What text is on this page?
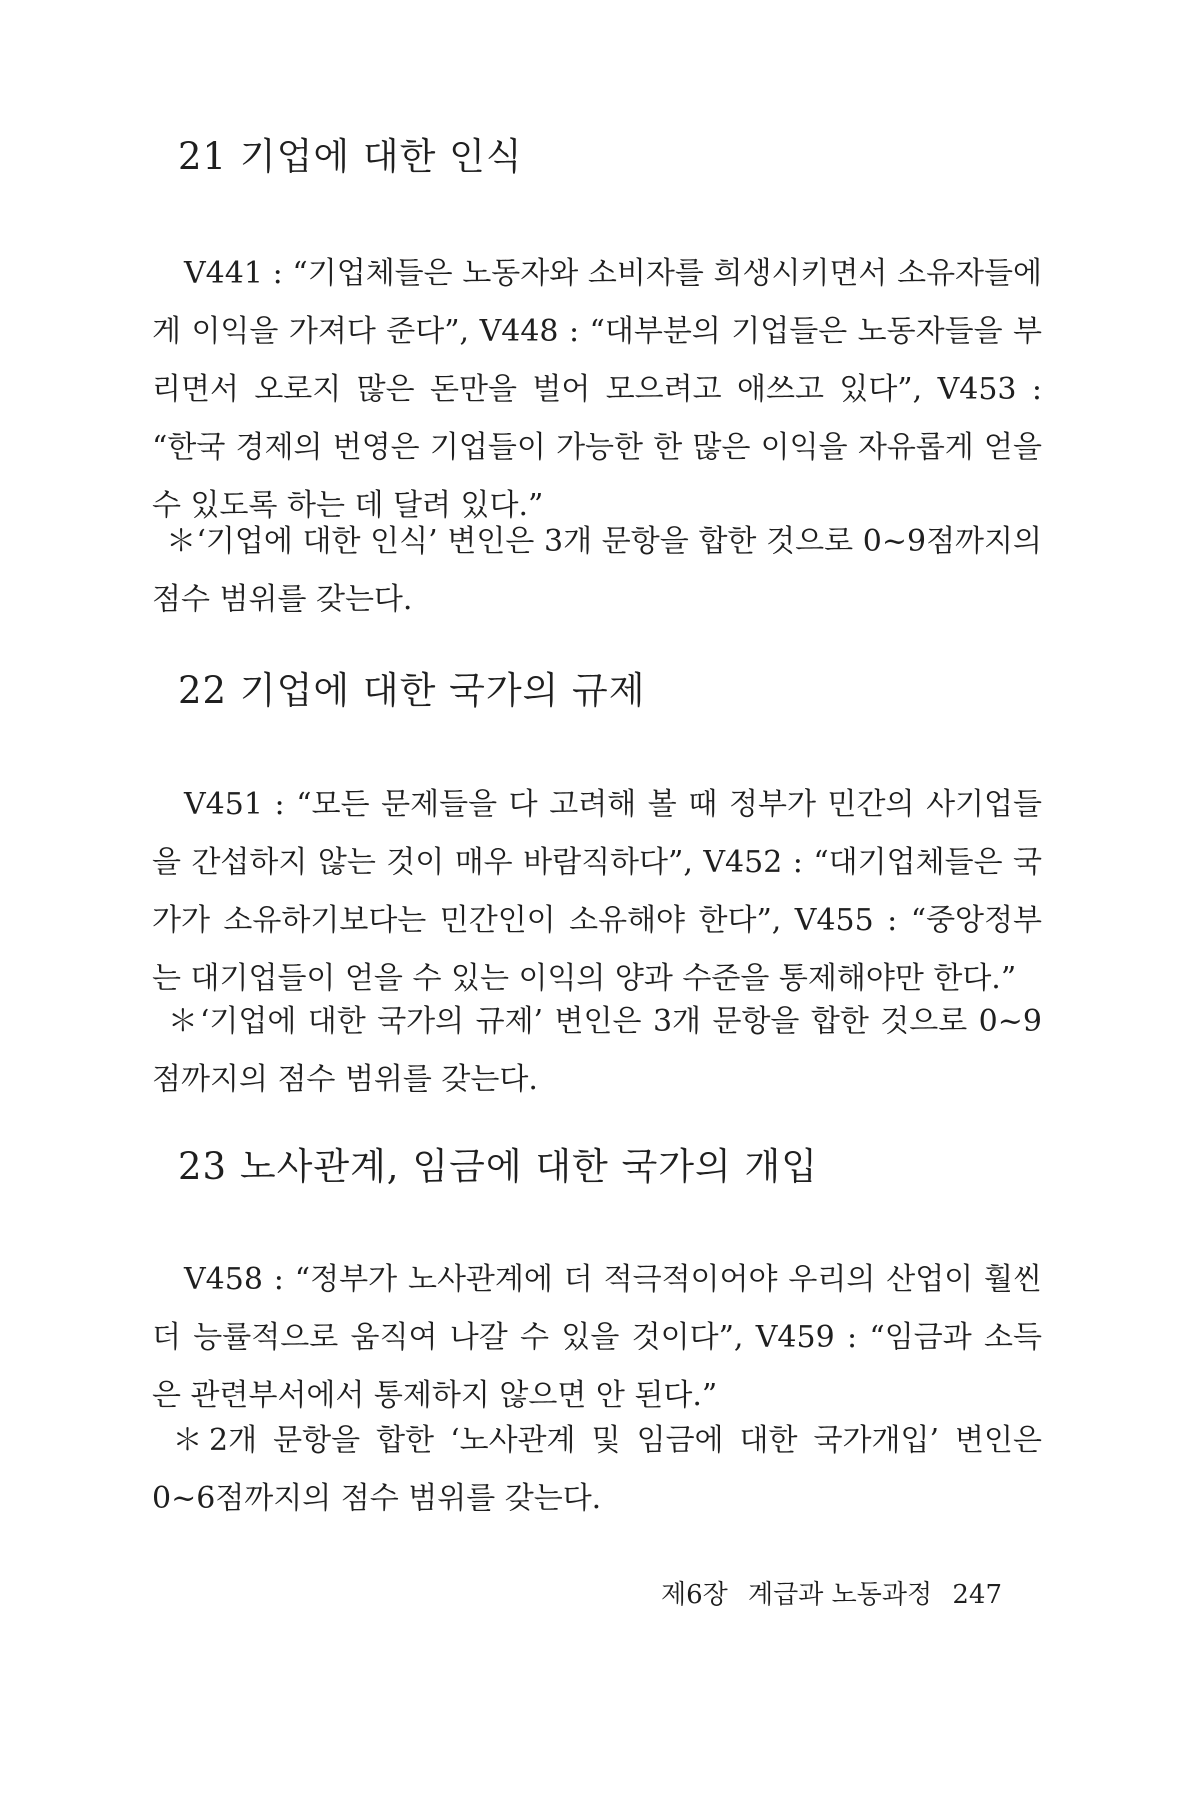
21 기업에 대한 인식

V441 : “기업체들은 노동자와 소비자를 희생시키면서 소유자들에게 이익을 가져다 준다”, V448 : “대부분의 기업들은 노동자들을 부리면서 오로지 많은 돈만을 벌어 모으려고 애쓰고 있다”, V453 : “한국 경제의 번영은 기업들이 가능한 한 많은 이익을 자유롭게 얻을 수 있도록 하는 데 달려 있다.”

＊‘기업에 대한 인식’ 변인은 3개 문항을 합한 것으로 0~9점까지의 점수 범위를 갖는다.

22 기업에 대한 국가의 규제

V451 : “모든 문제들을 다 고려해 볼 때 정부가 민간의 사기업들을 간섭하지 않는 것이 매우 바람직하다”, V452 : “대기업체들은 국가가 소유하기보다는 민간인이 소유해야 한다”, V455 : “중앙정부는 대기업들이 얻을 수 있는 이익의 양과 수준을 통제해야만 한다.”

＊‘기업에 대한 국가의 규제’ 변인은 3개 문항을 합한 것으로 0~9점까지의 점수 범위를 갖는다.

23 노사관계, 임금에 대한 국가의 개입

V458 : “정부가 노사관계에 더 적극적이어야 우리의 산업이 훨씬 더 능률적으로 움직여 나갈 수 있을 것이다”, V459 : “임금과 소득은 관련부서에서 통제하지 않으면 안 된다.”

＊2개 문항을 합한 ‘노사관계 및 임금에 대한 국가개입’ 변인은 0~6점까지의 점수 범위를 갖는다.

제6장 계급과 노동과정 247
